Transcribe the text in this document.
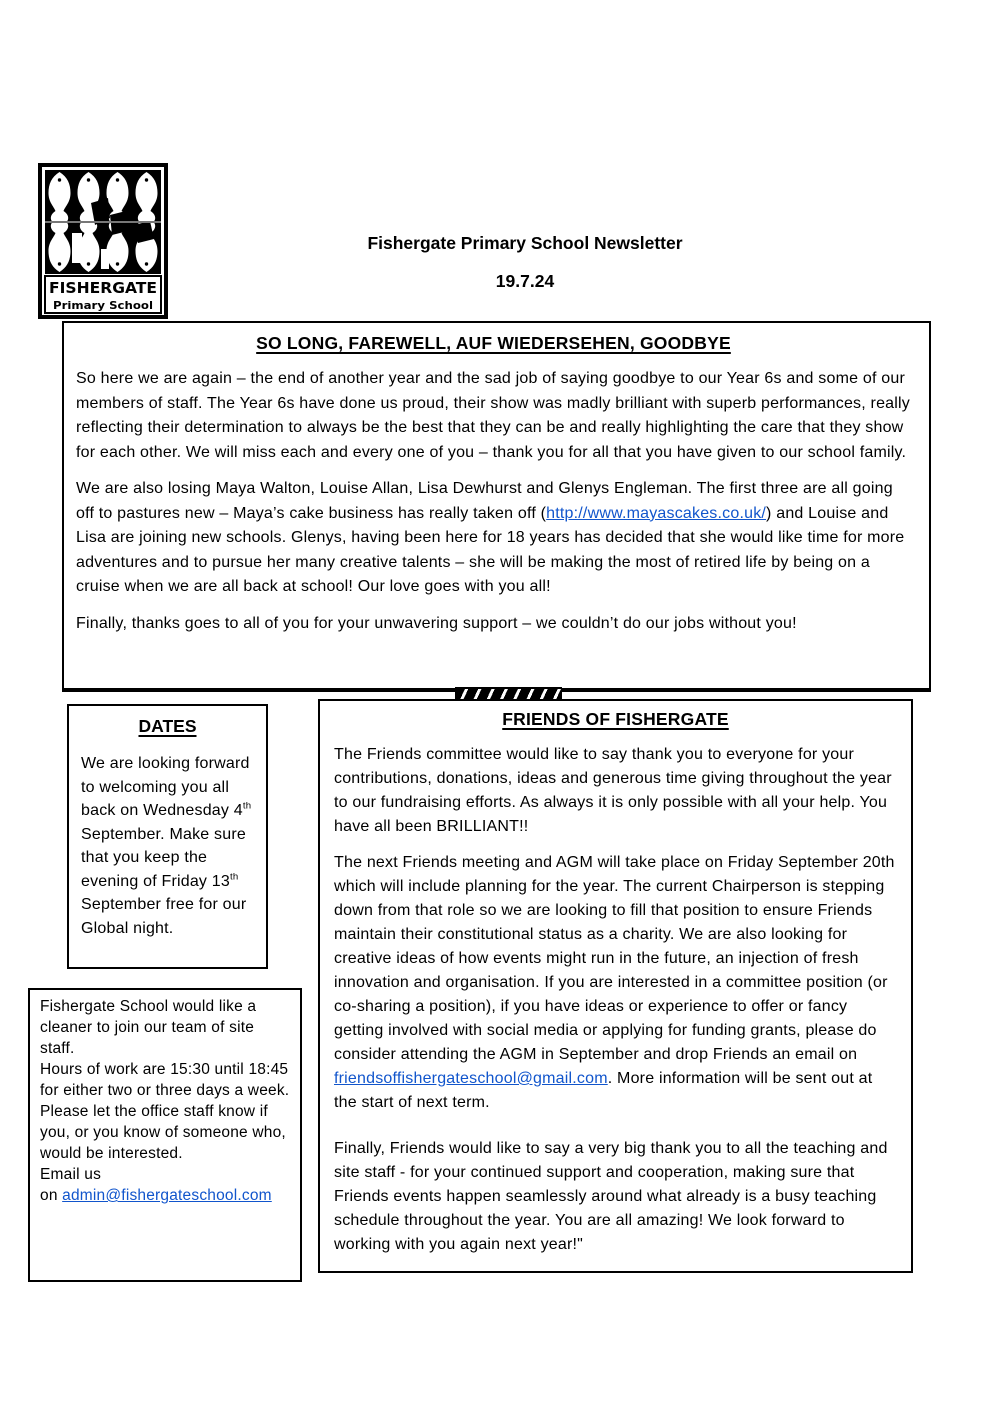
FISHERGATE
Primary School
Fishergate Primary School Newsletter
19.7.24
SO LONG, FAREWELL, AUF WIEDERSEHEN, GOODBYE

So here we are again – the end of another year and the sad job of saying goodbye to our Year 6s and some of our members of staff. The Year 6s have done us proud, their show was madly brilliant with superb performances, really reflecting their determination to always be the best that they can be and really highlighting the care that they show for each other. We will miss each and every one of you – thank you for all that you have given to our school family.

We are also losing Maya Walton, Louise Allan, Lisa Dewhurst and Glenys Engleman. The first three are all going off to pastures new – Maya’s cake business has really taken off (http://www.mayascakes.co.uk/) and Louise and Lisa are joining new schools. Glenys, having been here for 18 years has decided that she would like time for more adventures and to pursue her many creative talents – she will be making the most of retired life by being on a cruise when we are all back at school! Our love goes with you all!

Finally, thanks goes to all of you for your unwavering support – we couldn’t do our jobs without you!

DATES
We are looking forward to welcoming you all back on Wednesday 4th September. Make sure that you keep the evening of Friday 13th September free for our Global night.
Fishergate School would like a cleaner to join our team of site staff.
Hours of work are 15:30 until 18:45 for either two or three days a week.
Please let the office staff know if you, or you know of someone who, would be interested.
Email us
on admin@fishergateschool.com
FRIENDS OF FISHERGATE

The Friends committee would like to say thank you to everyone for your contributions, donations, ideas and generous time giving throughout the year to our fundraising efforts. As always it is only possible with all your help. You have all been BRILLIANT!!

The next Friends meeting and AGM will take place on Friday September 20th which will include planning for the year. The current Chairperson is stepping down from that role so we are looking to fill that position to ensure Friends maintain their constitutional status as a charity. We are also looking for creative ideas of how events might run in the future, an injection of fresh innovation and organisation. If you are interested in a committee position (or co-sharing a position), if you have ideas or experience to offer or fancy getting involved with social media or applying for funding grants, please do consider attending the AGM in September and drop Friends an email on friendsoffishergateschool@gmail.com. More information will be sent out at the start of next term.

Finally, Friends would like to say a very big thank you to all the teaching and site staff - for your continued support and cooperation, making sure that Friends events happen seamlessly around what already is a busy teaching schedule throughout the year. You are all amazing! We look forward to working with you again next year!"
